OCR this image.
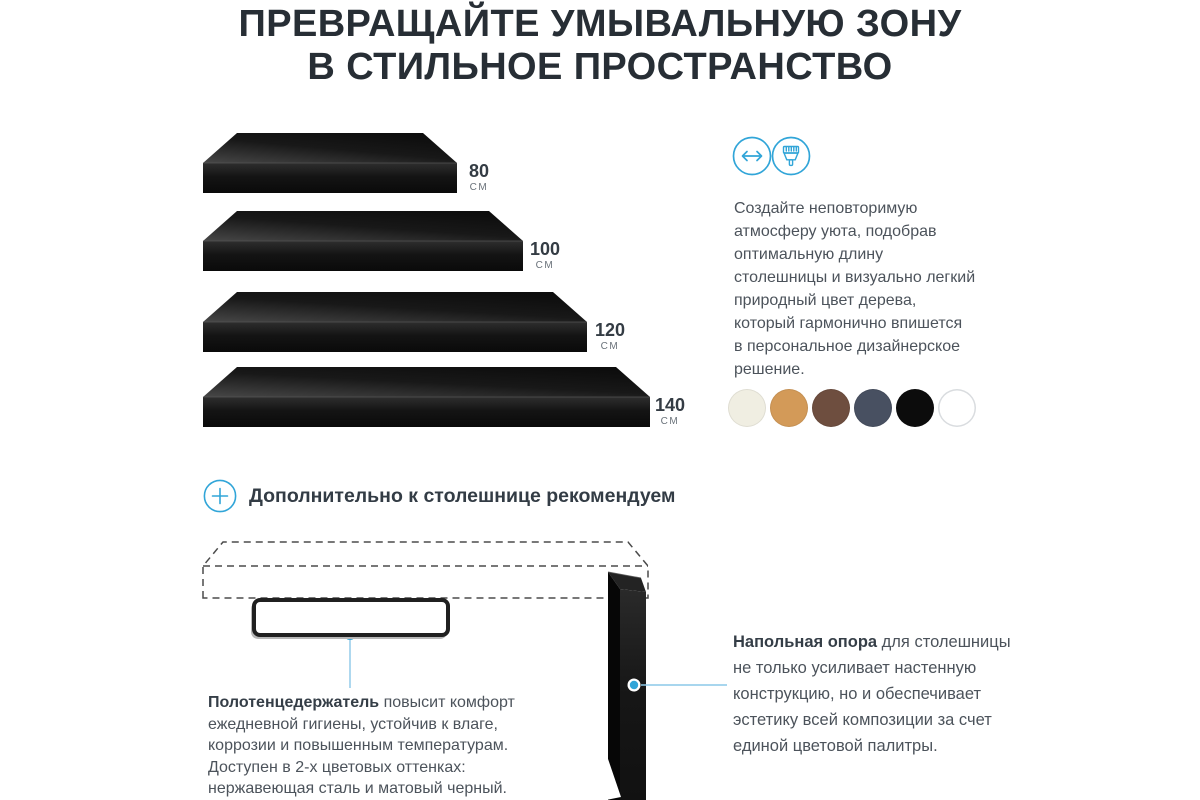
ПРЕВРАЩАЙТЕ УМЫВАЛЬНУЮ ЗОНУ
В СТИЛЬНОЕ ПРОСТРАНСТВО
80
СМ
100
СМ
120
СМ
140
СМ
Создайте неповторимую
атмосферу уюта, подобрав
оптимальную длину
столешницы и визуально легкий
природный цвет дерева,
который гармонично впишется
в персональное дизайнерское
решение.
Дополнительно к столешнице рекомендуем
Полотенцедержатель повысит комфорт
ежедневной гигиены, устойчив к влаге,
коррозии и повышенным температурам.
Доступен в 2-х цветовых оттенках:
нержавеющая сталь и матовый черный.
Напольная опора для столешницы
не только усиливает настенную
конструкцию, но и обеспечивает
эстетику всей композиции за счет
единой цветовой палитры.
